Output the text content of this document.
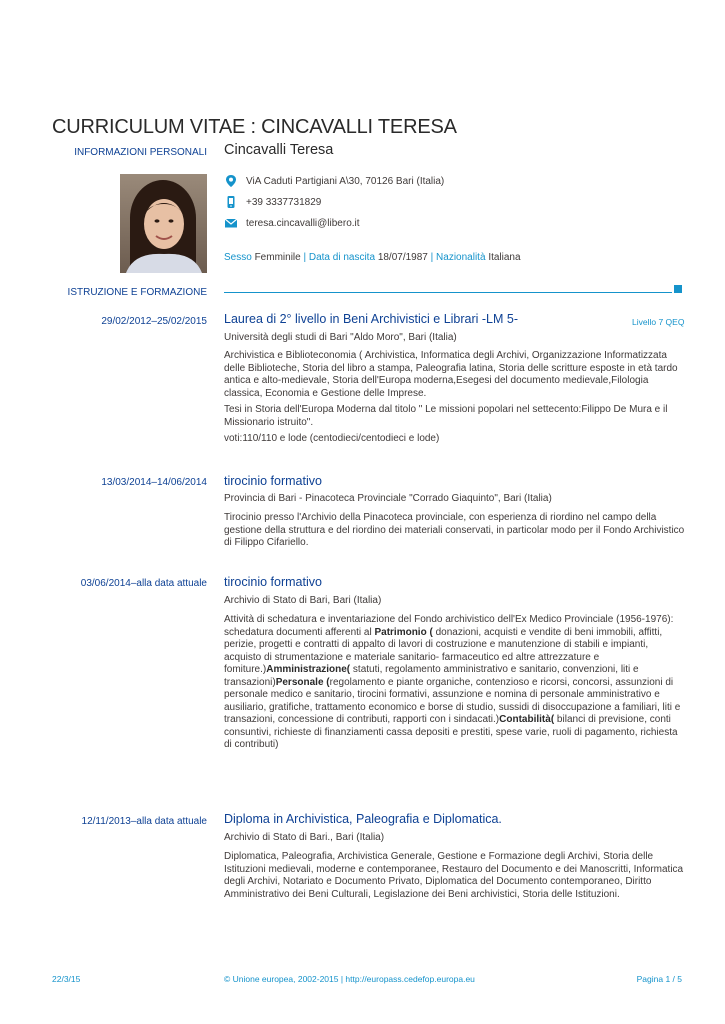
CURRICULUM VITAE : CINCAVALLI TERESA
INFORMAZIONI PERSONALI Cincavalli Teresa
ViA Caduti Partigiani A\30, 70126 Bari (Italia)
+39 3337731829
teresa.cincavalli@libero.it
Sesso Femminile | Data di nascita 18/07/1987 | Nazionalità Italiana
ISTRUZIONE E FORMAZIONE
29/02/2012–25/02/2015 Laurea di 2° livello in Beni Archivistici e Librari -LM 5-	Livello 7 QEQ
Università degli studi di Bari "Aldo Moro", Bari (Italia)

Archivistica e Biblioteconomia ( Archivistica, Informatica degli Archivi, Organizzazione Informatizzata delle Biblioteche, Storia del libro a stampa, Paleografia latina, Storia delle scritture esposte in età tardo antica e alto-medievale, Storia dell'Europa moderna,Esegesi del documento medievale,Filologia classica, Economia e Gestione delle Imprese.

Tesi in Storia dell'Europa Moderna dal titolo " Le missioni popolari nel settecento:Filippo De Mura e il Missionario istruito".

voti:110/110 e lode (centodieci/centodieci e lode)

13/03/2014–14/06/2014 tirocinio formativo
Provincia di Bari - Pinacoteca Provinciale "Corrado Giaquinto", Bari (Italia)

Tirocinio presso l'Archivio della Pinacoteca provinciale, con esperienza di riordino nel campo della gestione della struttura e del riordino dei materiali conservati, in particolar modo per il Fondo Archivistico di Filippo Cifariello.

03/06/2014–alla data attuale tirocinio formativo
Archivio di Stato di Bari, Bari (Italia)

Attività di schedatura e inventariazione del Fondo archivistico dell'Ex Medico Provinciale (1956-1976): schedatura documenti afferenti al Patrimonio ( donazioni, acquisti e vendite di beni immobili, affitti, perizie, progetti e contratti di appalto di lavori di costruzione e manutenzione di stabili e impianti, acquisto di strumentazione e materiale sanitario- farmaceutico ed altre attrezzature e fomiture.)Amministrazione( statuti, regolamento amministrativo e sanitario, convenzioni, liti e transazioni)Personale (regolamento e piante organiche, contenzioso e ricorsi, concorsi, assunzioni di personale medico e sanitario, tirocini formativi, assunzione e nomina di personale amministrativo e ausiliario, gratifiche, trattamento economico e borse di studio, sussidi di disoccupazione a familiari, liti e transazioni, concessione di contributi, rapporti con i sindacati.)Contabilità( bilanci di previsione, conti consuntivi, richieste di finanziamenti cassa depositi e prestiti, spese varie, ruoli di pagamento, richiesta di contributi)

12/11/2013–alla data attuale Diploma in Archivistica, Paleografia e Diplomatica.
Archivio di Stato di Bari., Bari (Italia)

Diplomatica, Paleografia, Archivistica Generale, Gestione e Formazione degli Archivi, Storia delle Istituzioni medievali, moderne e contemporanee, Restauro del Documento e dei Manoscritti, Informatica degli Archivi, Notariato e Documento Privato, Diplomatica del Documento contemporaneo, Diritto Amministrativo dei Beni Culturali, Legislazione dei Beni archivistici, Storia delle Istituzioni.

22/3/15	© Unione europea, 2002-2015 | http://europass.cedefop.europa.eu	Pagina 1 / 5
